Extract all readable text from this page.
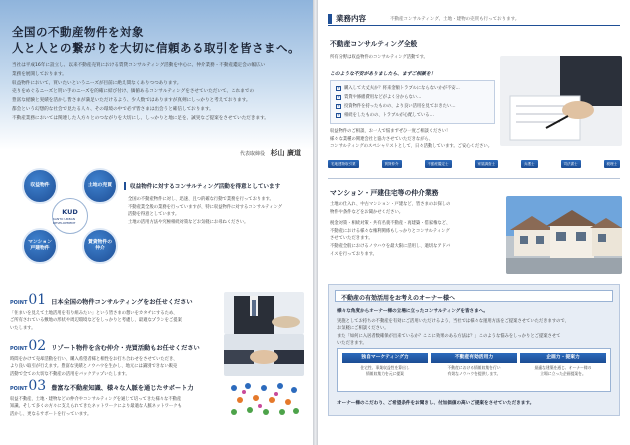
全国の不動産物件を対象
人と人との繋がりを大切に信頼ある取引を皆さまへ。
当社は平成16年に設立し、以来不動産売買における賃貸コンサルティング活動を中心に、仲介業務・不動産鑑定会の幅広い
業務を展開しております。
収益物件において、買いたいというニーズが目前に絶え間なくありつつあります。
売りをめぐるニーズと買い手のニーズを的確に結び付け、価値あるコンサルティングをさせていただいて、これまでの
豊富な経験と実績を活かし皆さまが満足いただけるよう、少人数ではありますが真剣にしっかりと考えております。
都会という幻想的な社会で見たる人々、その環境の中で必ず皆さまは出会うと確信しております。
不動産業務においては関連した人方々とのつながりを大切にし、しっかりと地に足を、誠実なご提案をさせていただきます。
代表取締役 杉山 廣道
収益物件	土地の売買
マンション
戸建物件
賃貸物件の
仲介
KUD
KANTO URBAN DEVELOPMENT
収益物件に対するコンサルティング活動を得意としています
全国の不動産物件に対し、迅速、且つ的確な行動で業務を行っております。
不動産業全般の業務を行っていますが、特に収益物件に対するコンサルティング
活動を得意としています。
土地の活用方法や究極相続対策などお気軽にお尋ねください。
POINT 01 日本全国の物件コンサルティングをお任せください
「住まいを見えて土地活用を有り組みたい」という皆さまの想いをカタチにするため、
ご所有されている敷地の形状や周辺環境などをしっかりと考慮し、最適なプランをご提案
いたします。
POINT 02 リゾート物件を含む仲介・売買活動もお任せください
時間をかけて売却活動を行い、購入希望者様と相性をお打ち合わせをさせていただき、
より良い取引が行えます。豊富な実績とノウハウを生かし、地元には識別できない販売
活動で全ての大切な不動産の活用をバックアップいたします。
POINT 03 豊富な不動産知識、様々な人脈を通じたサポート力
収益不動産、土地・建物などの仲介やコンサルティングを通じて培ってきた様々な不動産
知識。そして多くの方々に支えられてきたネットワークにより最適な人脈ネットワークも
活かし、更なるサポートを行っています。
業務内容	不動産コンサルティング、土地・建物の売買も行っております。
不動産コンサルティング全般
所有分野は収益物件のコンサルティング活動です。
このような不安がありましたら、まずご相談を！
✓
購入して大丈夫か？将来金額トラブルにならないかが不安…
✓
賃貸や修繕費用などがよく分からない…
✓
投資物件を持ったものの、より良い活用を見ておきたい…
✓
相続をしたものの、トラブルが心配している…
収益物件のご相談、お一人で悩まずぜひ一度ご相談ください！
様々な業種の関連会社と協力させていただきながら、
コンサルティングのスペシャリストとして、日々活動しています。ご安心ください。
宅地建物取引業	賃貸仲介	不動産鑑定士	家屋調査士	弁護士	司法書士	税理士
マンション・戸建住宅等の仲介業務
土地の仕入れ、中古マンション・戸建など、皆さまのお探しの
物件や条件などをお聞かせください。
税金対策・相続対策・共有名義不動産・再建築・借家権など、
不動産における様々な権利関係もしっかりとコンサルティング
させていただきます。
不動産全般におけるノウハウを最大限に活用し、適切なアドバ
イスを行っております。
不動産の有効活用をお考えのオーナー様へ
様々な角度からオーナー様の立場に立ったコンサルティングを皆さまへ。
実施としてお持ちの不動産を有効にご活用いただけるよう、当社では様々な運用方法をご提案させていただきますので、
お気軽にご相談ください。
また「如何に入居者数確保が出来ているか？ここに効果のある方法は？」このような悩みをしっかりとご提案させて
いただきます。
独自マーケティング力
住宅性、事業収益性を算出し
情報収集力を元に提案
不動産有効活用力
不動産における情報収集を行い
有効なノウハウを提供します。
企画力・提案力
最適な建築を通じ、オーナー様の
立場に立った企画提案を。
オーナー様のこだわり、ご希望条件をお聞きし、付加価値の高いご提案をさせていただきます。
